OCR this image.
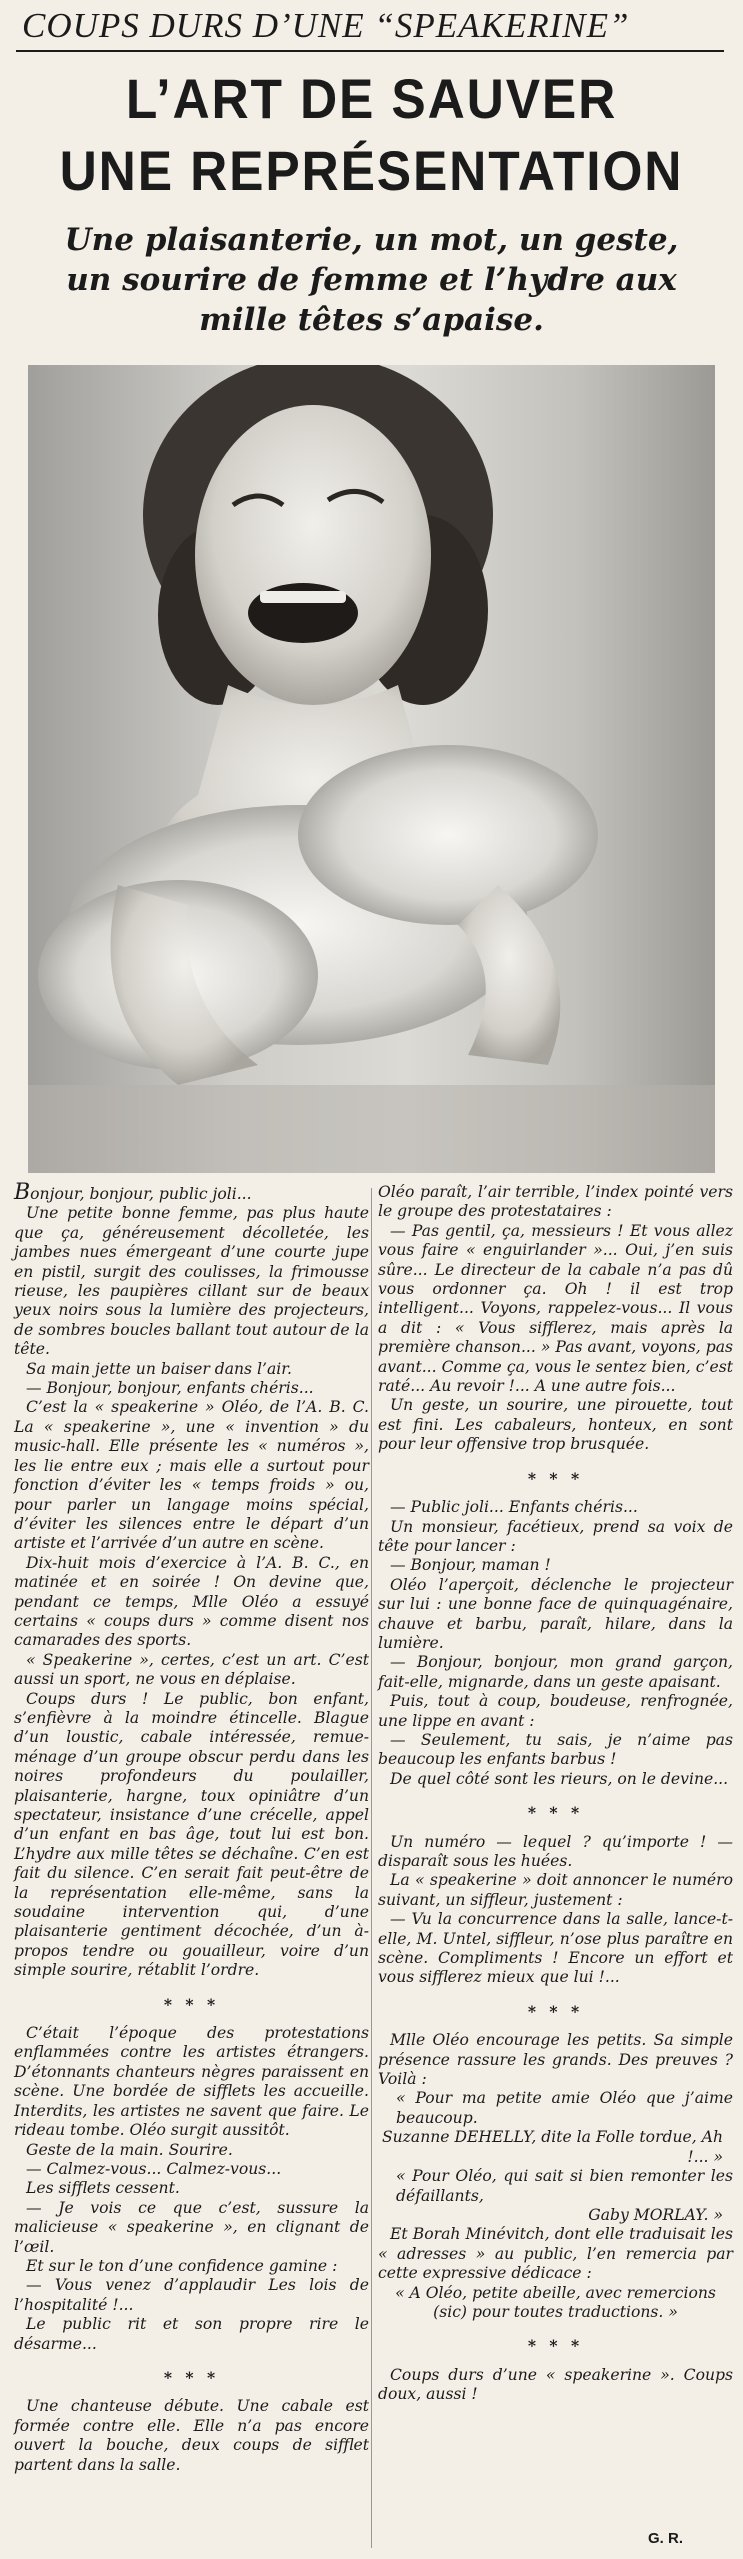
COUPS DURS D’UNE “SPEAKERINE”
L’ART DE SAUVER
UNE REPRÉSENTATION
Une plaisanterie, un mot, un geste,
un sourire de femme et l’hydre aux
mille têtes s’apaise.

Bonjour, bonjour, public joli...

Une petite bonne femme, pas plus haute que ça, généreusement décolletée, les jambes nues émergeant d’une courte jupe en pistil, surgit des coulisses, la frimousse rieuse, les paupières cillant sur de beaux yeux noirs sous la lumière des projecteurs, de sombres boucles ballant tout autour de la tête.

Sa main jette un baiser dans l’air.

— Bonjour, bonjour, enfants chéris...

C’est la « speakerine » Oléo, de l’A. B. C. La « speakerine », une « invention » du music-hall. Elle présente les « numéros », les lie entre eux ; mais elle a surtout pour fonction d’éviter les « temps froids » ou, pour parler un langage moins spécial, d’éviter les silences entre le départ d’un artiste et l’arrivée d’un autre en scène.

Dix-huit mois d’exercice à l’A. B. C., en matinée et en soirée ! On devine que, pendant ce temps, Mlle Oléo a essuyé certains « coups durs » comme disent nos camarades des sports.

« Speakerine », certes, c’est un art. C’est aussi un sport, ne vous en déplaise.

Coups durs ! Le public, bon enfant, s’enfièvre à la moindre étincelle. Blague d’un loustic, cabale intéressée, remue-ménage d’un groupe obscur perdu dans les noires profondeurs du poulailler, plaisanterie, hargne, toux opiniâtre d’un spectateur, insistance d’une crécelle, appel d’un enfant en bas âge, tout lui est bon. L’hydre aux mille têtes se déchaîne. C’en est fait du silence. C’en serait fait peut-être de la représentation elle-même, sans la soudaine intervention qui, d’une plaisanterie gentiment décochée, d’un à-propos tendre ou gouailleur, voire d’un simple sourire, rétablit l’ordre.

* * *

C’était l’époque des protestations enflammées contre les artistes étrangers. D’étonnants chanteurs nègres paraissent en scène. Une bordée de sifflets les accueille. Interdits, les artistes ne savent que faire. Le rideau tombe. Oléo surgit aussitôt.

Geste de la main. Sourire.

— Calmez-vous... Calmez-vous...

Les sifflets cessent.

— Je vois ce que c’est, sussure la malicieuse « speakerine », en clignant de l’œil.

Et sur le ton d’une confidence gamine :

— Vous venez d’applaudir Les lois de l’hospitalité !...

Le public rit et son propre rire le désarme...

* * *

Une chanteuse débute. Une cabale est formée contre elle. Elle n’a pas encore ouvert la bouche, deux coups de sifflet partent dans la salle.

Oléo paraît, l’air terrible, l’index pointé vers le groupe des protestataires :

— Pas gentil, ça, messieurs ! Et vous allez vous faire « enguirlander »... Oui, j’en suis sûre... Le directeur de la cabale n’a pas dû vous ordonner ça. Oh ! il est trop intelligent... Voyons, rappelez-vous... Il vous a dit : « Vous sifflerez, mais après la première chanson... » Pas avant, voyons, pas avant... Comme ça, vous le sentez bien, c’est raté... Au revoir !... A une autre fois...

Un geste, un sourire, une pirouette, tout est fini. Les cabaleurs, honteux, en sont pour leur offensive trop brusquée.

* * *

— Public joli... Enfants chéris...

Un monsieur, facétieux, prend sa voix de tête pour lancer :

— Bonjour, maman !

Oléo l’aperçoit, déclenche le projecteur sur lui : une bonne face de quinquagénaire, chauve et barbu, paraît, hilare, dans la lumière.

— Bonjour, bonjour, mon grand garçon, fait-elle, mignarde, dans un geste apaisant.

Puis, tout à coup, boudeuse, renfrognée, une lippe en avant :

— Seulement, tu sais, je n’aime pas beaucoup les enfants barbus !

De quel côté sont les rieurs, on le devine...

* * *

Un numéro — lequel ? qu’importe ! — disparaît sous les huées.

La « speakerine » doit annoncer le numéro suivant, un siffleur, justement :

— Vu la concurrence dans la salle, lance-t-elle, M. Untel, siffleur, n’ose plus paraître en scène. Compliments ! Encore un effort et vous sifflerez mieux que lui !...

* * *

Mlle Oléo encourage les petits. Sa simple présence rassure les grands. Des preuves ? Voilà :

« Pour ma petite amie Oléo que j’aime beaucoup.

Suzanne DEHELLY, dite la Folle tordue, Ah !... »

« Pour Oléo, qui sait si bien remonter les défaillants,

Gaby MORLAY. »

Et Borah Minévitch, dont elle traduisait les « adresses » au public, l’en remercia par cette expressive dédicace :

« A Oléo, petite abeille, avec remercions (sic) pour toutes traductions. »

* * *

Coups durs d’une « speakerine ». Coups doux, aussi !

G. R.
